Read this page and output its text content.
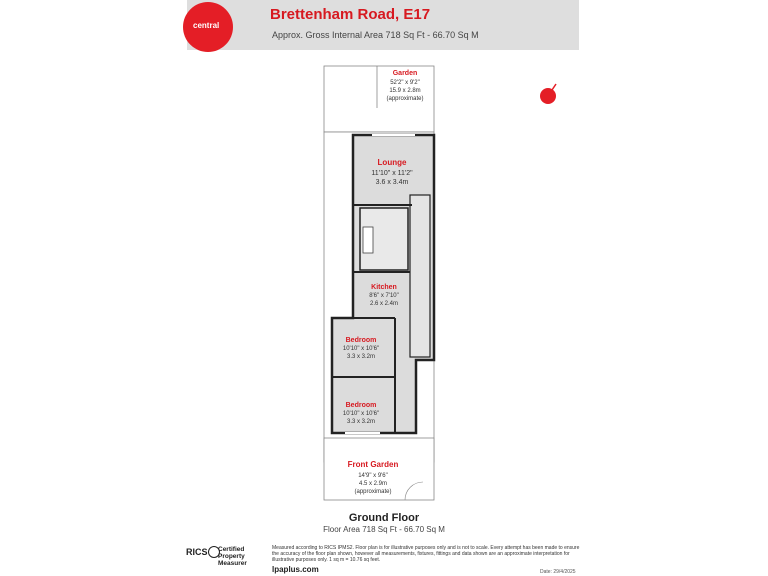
central
Brettenham Road, E17
Approx. Gross Internal Area 718 Sq Ft - 66.70 Sq M
Garden
52'2" x 9'2"
15.9 x 2.8m
(approximate)
Lounge
11'10" x 11'2"
3.6 x 3.4m
Kitchen
8'6" x 7'10"
2.6 x 2.4m
Bedroom
10'10" x 10'6"
3.3 x 3.2m
Bedroom
10'10" x 10'6"
3.3 x 3.2m
Front Garden
14'9" x 9'6"
4.5 x 2.9m
(approximate)
Ground Floor
Floor Area 718 Sq Ft - 66.70 Sq M
RICS Certified
Property
Measurer
Measured according to RICS IPMS2. Floor plan is for illustrative purposes only and is not to scale. Every attempt has been made to ensure the accuracy of the floor plan shown, however all measurements, fixtures, fittings and data shown are an approximate interpretation for illustrative purposes only. 1 sq m = 10.76 sq feet.
lpaplus.com	Date: 29/4/2025
